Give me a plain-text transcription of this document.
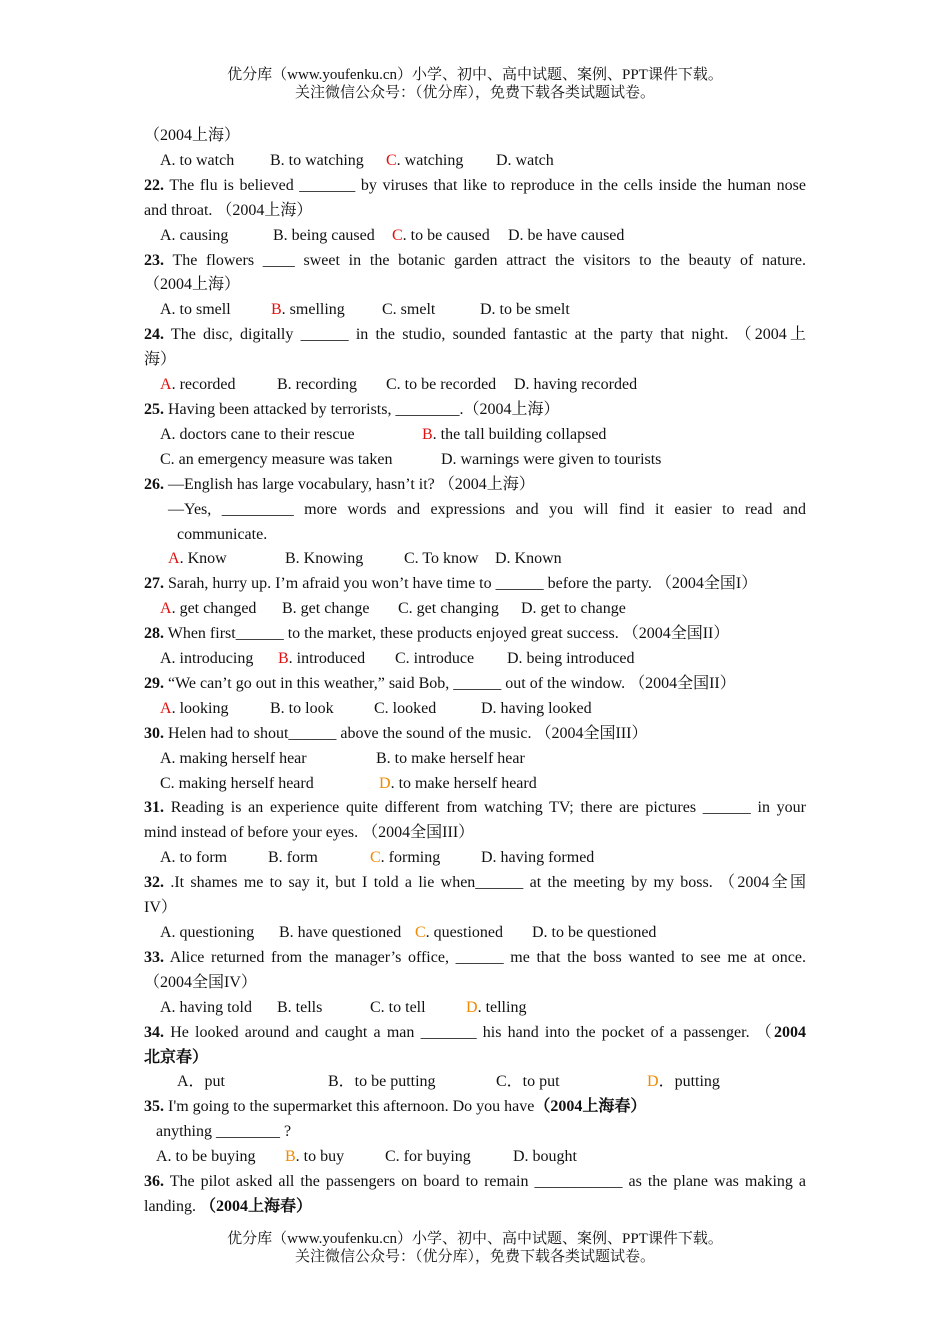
优分库（www.youfenku.cn）小学、初中、高中试题、案例、PPT课件下载。
关注微信公众号：（优分库），免费下载各类试题试卷。
（2004上海）
A. to watch B. to watching C. watching D. watch
22. The flu is believed _______ by viruses that like to reproduce in the cells inside the human nose
and throat. （2004上海）
A. causing	B. being caused C. to be caused D. be have caused
23. The flowers ____ sweet in the botanic garden attract the visitors to the beauty of nature.
（2004上海）
A. to smell	B. smelling C. smelt	D. to be smelt
24. The disc, digitally ______ in the studio, sounded fantastic at the party that night. （2004上
海）
A. recorded	B. recording C. to be recorded D. having recorded
25. Having been attacked by terrorists, ________.（2004上海）
A. doctors cane to their rescue	B. the tall building collapsed
C. an emergency measure was taken	D. warnings were given to tourists
26. —English has large vocabulary, hasn’t it? （2004上海）
—Yes, _________ more words and expressions and you will find it easier to read and
communicate.
A. Know	B. Knowing	C. To know D. Known
27. Sarah, hurry up. I’m afraid you won’t have time to ______ before the party. （2004全国I）
A. get changed B. get change C. get changing D. get to change
28. When first______ to the market, these products enjoyed great success. （2004全国II）
A. introducing B. introduced C. introduce D. being introduced
29. “We can’t go out in this weather,” said Bob, ______ out of the window. （2004全国II）
A. looking	B. to look	C. looked	D. having looked
30. Helen had to shout______ above the sound of the music. （2004全国III）
A. making herself hear	B. to make herself hear
C. making herself heard	D. to make herself heard
31. Reading is an experience quite different from watching TV; there are pictures ______ in your
mind instead of before your eyes. （2004全国III）
A. to form	B. form	C. forming	D. having formed
32. .It shames me to say it, but I told a lie when______ at the meeting by my boss. （2004全国
IV）
A. questioning B. have questioned C. questioned D. to be questioned
33. Alice returned from the manager’s office, ______ me that the boss wanted to see me at once.
（2004全国IV）
A. having told B. tells	C. to tell	D. telling
34. He looked around and caught a man _______ his hand into the pocket of a passenger. （2004
北京春）
A．put	B．to be putting	C．to put	D．putting
35. I'm going to the supermarket this afternoon. Do you have（2004上海春）
anything ________ ?
A. to be buying B. to buy	C. for buying	D. bought
36. The pilot asked all the passengers on board to remain ___________ as the plane was making a
landing. （2004上海春）
优分库（www.youfenku.cn）小学、初中、高中试题、案例、PPT课件下载。
关注微信公众号：（优分库），免费下载各类试题试卷。
